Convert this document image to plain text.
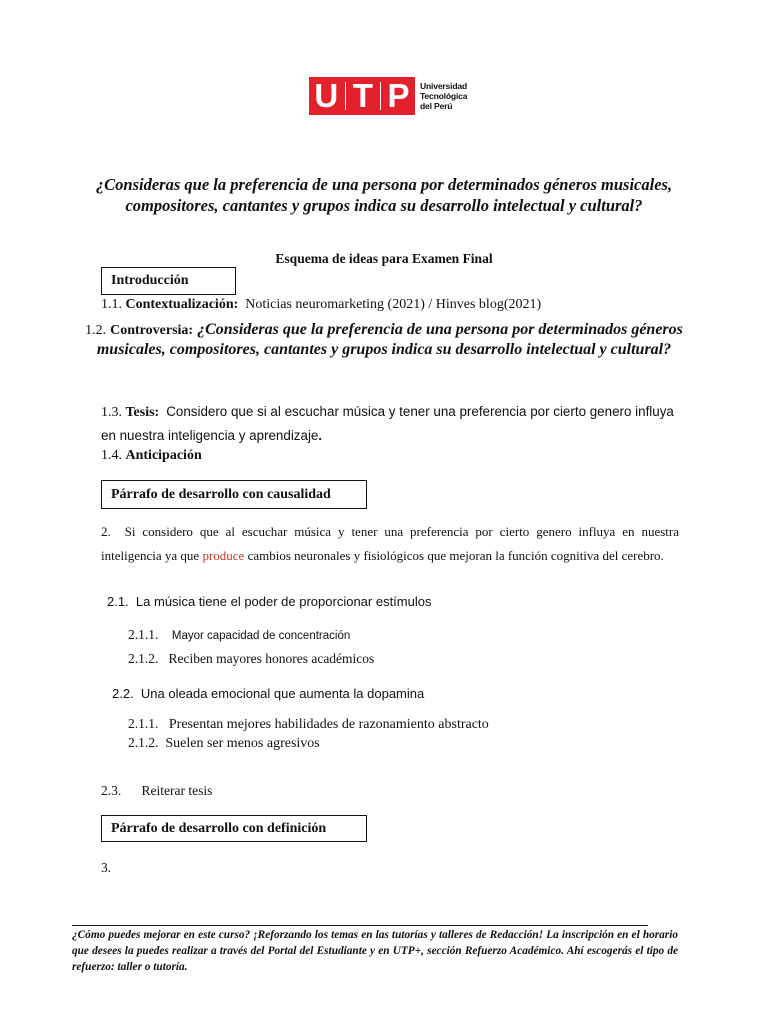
U T P Universidad
Tecnológica
del Perú
¿Consideras que la preferencia de una persona por determinados géneros musicales, compositores, cantantes y grupos indica su desarrollo intelectual y cultural?
Esquema de ideas para Examen Final
Introducción
1.1. Contextualización: Noticias neuromarketing (2021) / Hinves blog(2021)
1.2. Controversia: ¿Consideras que la preferencia de una persona por determinados géneros musicales, compositores, cantantes y grupos indica su desarrollo intelectual y cultural?
1.3. Tesis: Considero que si al escuchar música y tener una preferencia por cierto genero influya en nuestra inteligencia y aprendizaje.
1.4. Anticipación
Párrafo de desarrollo con causalidad
2. Si considero que al escuchar música y tener una preferencia por cierto genero influya en nuestra inteligencia ya que produce cambios neuronales y fisiológicos que mejoran la función cognitiva del cerebro.
2.1. La música tiene el poder de proporcionar estímulos
2.1.1. Mayor capacidad de concentración
2.1.2. Reciben mayores honores académicos
2.2. Una oleada emocional que aumenta la dopamina
2.1.1. Presentan mejores habilidades de razonamiento abstracto
2.1.2. Suelen ser menos agresivos
2.3. Reiterar tesis
Párrafo de desarrollo con definición
3.
¿Cómo puedes mejorar en este curso? ¡Reforzando los temas en las tutorías y talleres de Redacción! La inscripción en el horario que desees la puedes realizar a través del Portal del Estudiante y en UTP+, sección Refuerzo Académico. Ahí escogerás el tipo de refuerzo: taller o tutoría.
